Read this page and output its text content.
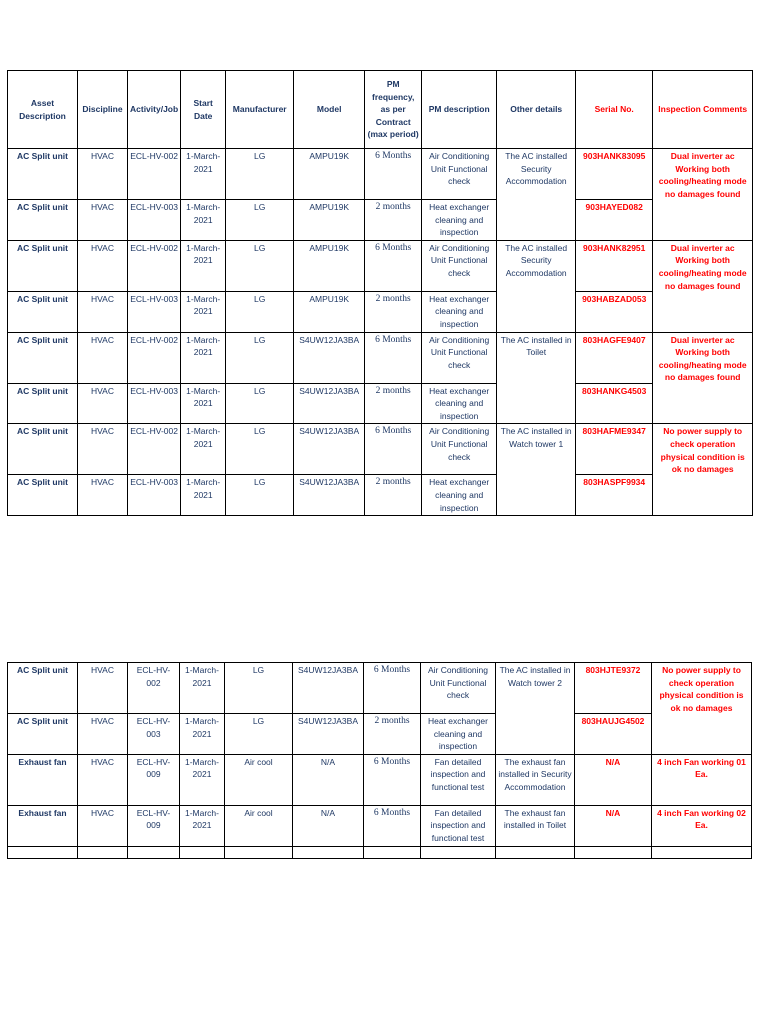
Asset Description	Discipline	Activity/Job	Start Date	Manufacturer	Model	PM frequency, as per Contract (max period)	PM description	Other details	Serial No.	Inspection Comments
AC Split unit	HVAC	ECL-HV-002	1-March-2021	LG	AMPU19K	6 Months	Air Conditioning Unit Functional check	The AC installed Security Accommodation	903HANK83095	Dual inverter ac Working both cooling/heating mode no damages found
AC Split unit	HVAC	ECL-HV-003	1-March-2021	LG	AMPU19K	2 months	Heat exchanger cleaning and inspection		903HAYED082	
AC Split unit	HVAC	ECL-HV-002	1-March-2021	LG	AMPU19K	6 Months	Air Conditioning Unit Functional check	The AC installed Security Accommodation	903HANK82951	Dual inverter ac Working both cooling/heating mode no damages found
AC Split unit	HVAC	ECL-HV-003	1-March-2021	LG	AMPU19K	2 months	Heat exchanger cleaning and inspection		903HABZAD053	
AC Split unit	HVAC	ECL-HV-002	1-March-2021	LG	S4UW12JA3BA	6 Months	Air Conditioning Unit Functional check	The AC installed in Toilet	803HAGFE9407	Dual inverter ac Working both cooling/heating mode no damages found
AC Split unit	HVAC	ECL-HV-003	1-March-2021	LG	S4UW12JA3BA	2 months	Heat exchanger cleaning and inspection		803HANKG4503	
AC Split unit	HVAC	ECL-HV-002	1-March-2021	LG	S4UW12JA3BA	6 Months	Air Conditioning Unit Functional check	The AC installed in Watch tower 1	803HAFME9347	No power supply to check operation physical condition is ok no damages
AC Split unit	HVAC	ECL-HV-003	1-March-2021	LG	S4UW12JA3BA	2 months	Heat exchanger cleaning and inspection		803HASPF9934	
AC Split unit	HVAC	ECL-HV-002	1-March-2021	LG	S4UW12JA3BA	6 Months	Air Conditioning Unit Functional check	The AC installed in Watch tower 2	803HJTE9372	No power supply to check operation physical condition is ok no damages
AC Split unit	HVAC	ECL-HV-003	1-March-2021	LG	S4UW12JA3BA	2 months	Heat exchanger cleaning and inspection		803HAUJG4502	
Exhaust fan	HVAC	ECL-HV-009	1-March-2021	Air cool	N/A	6 Months	Fan detailed inspection and functional test	The exhaust fan installed in Security Accommodation	N/A	4 inch Fan working 01 Ea.
Exhaust fan	HVAC	ECL-HV-009	1-March-2021	Air cool	N/A	6 Months	Fan detailed inspection and functional test	The exhaust fan installed in Toilet	N/A	4 inch Fan working 02 Ea.
